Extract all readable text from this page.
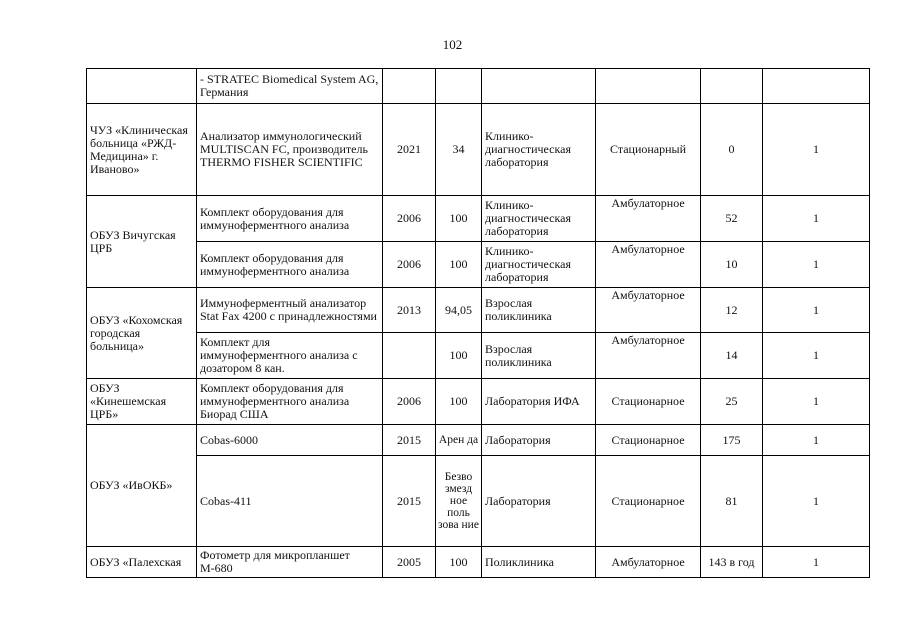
102
	- STRATEC Biomedical System AG, Германия						
ЧУЗ «Клиническая больница «РЖД-Медицина» г. Иваново»	Анализатор иммунологический MULTISCAN FC, производитель THERMO FISHER SCIENTIFIC	2021	34	Клинико-диагностическая лаборатория	Стационарный	0	1
ОБУЗ Вичугская ЦРБ	Комплект оборудования для иммуноферментного анализа	2006	100	Клинико-диагностическая лаборатория	Амбулаторное	52	1
	Комплект оборудования для иммуноферментного анализа	2006	100	Клинико-диагностическая лаборатория	Амбулаторное	10	1
ОБУЗ «Кохомская городская больница»	Иммуноферментный анализатор Stat Fax 4200 с принадлежностями	2013	94,05	Взрослая поликлиника	Амбулаторное	12	1
	Комплект для иммуноферментного анализа с дозатором 8 кан.		100	Взрослая поликлиника	Амбулаторное	14	1
ОБУЗ «Кинешемская ЦРБ»	Комплект оборудования для иммуноферментного анализа Биорад США	2006	100	Лаборатория ИФА	Стационарное	25	1
ОБУЗ «ИвОКБ»	Cobas-6000	2015	Арен да	Лаборатория	Стационарное	175	1
	Cobas-411	2015	Безво змезд ное поль зова ние	Лаборатория	Стационарное	81	1
ОБУЗ «Палехская	Фотометр для микропланшет М-680	2005	100	Поликлиника	Амбулаторное	143 в год	1
